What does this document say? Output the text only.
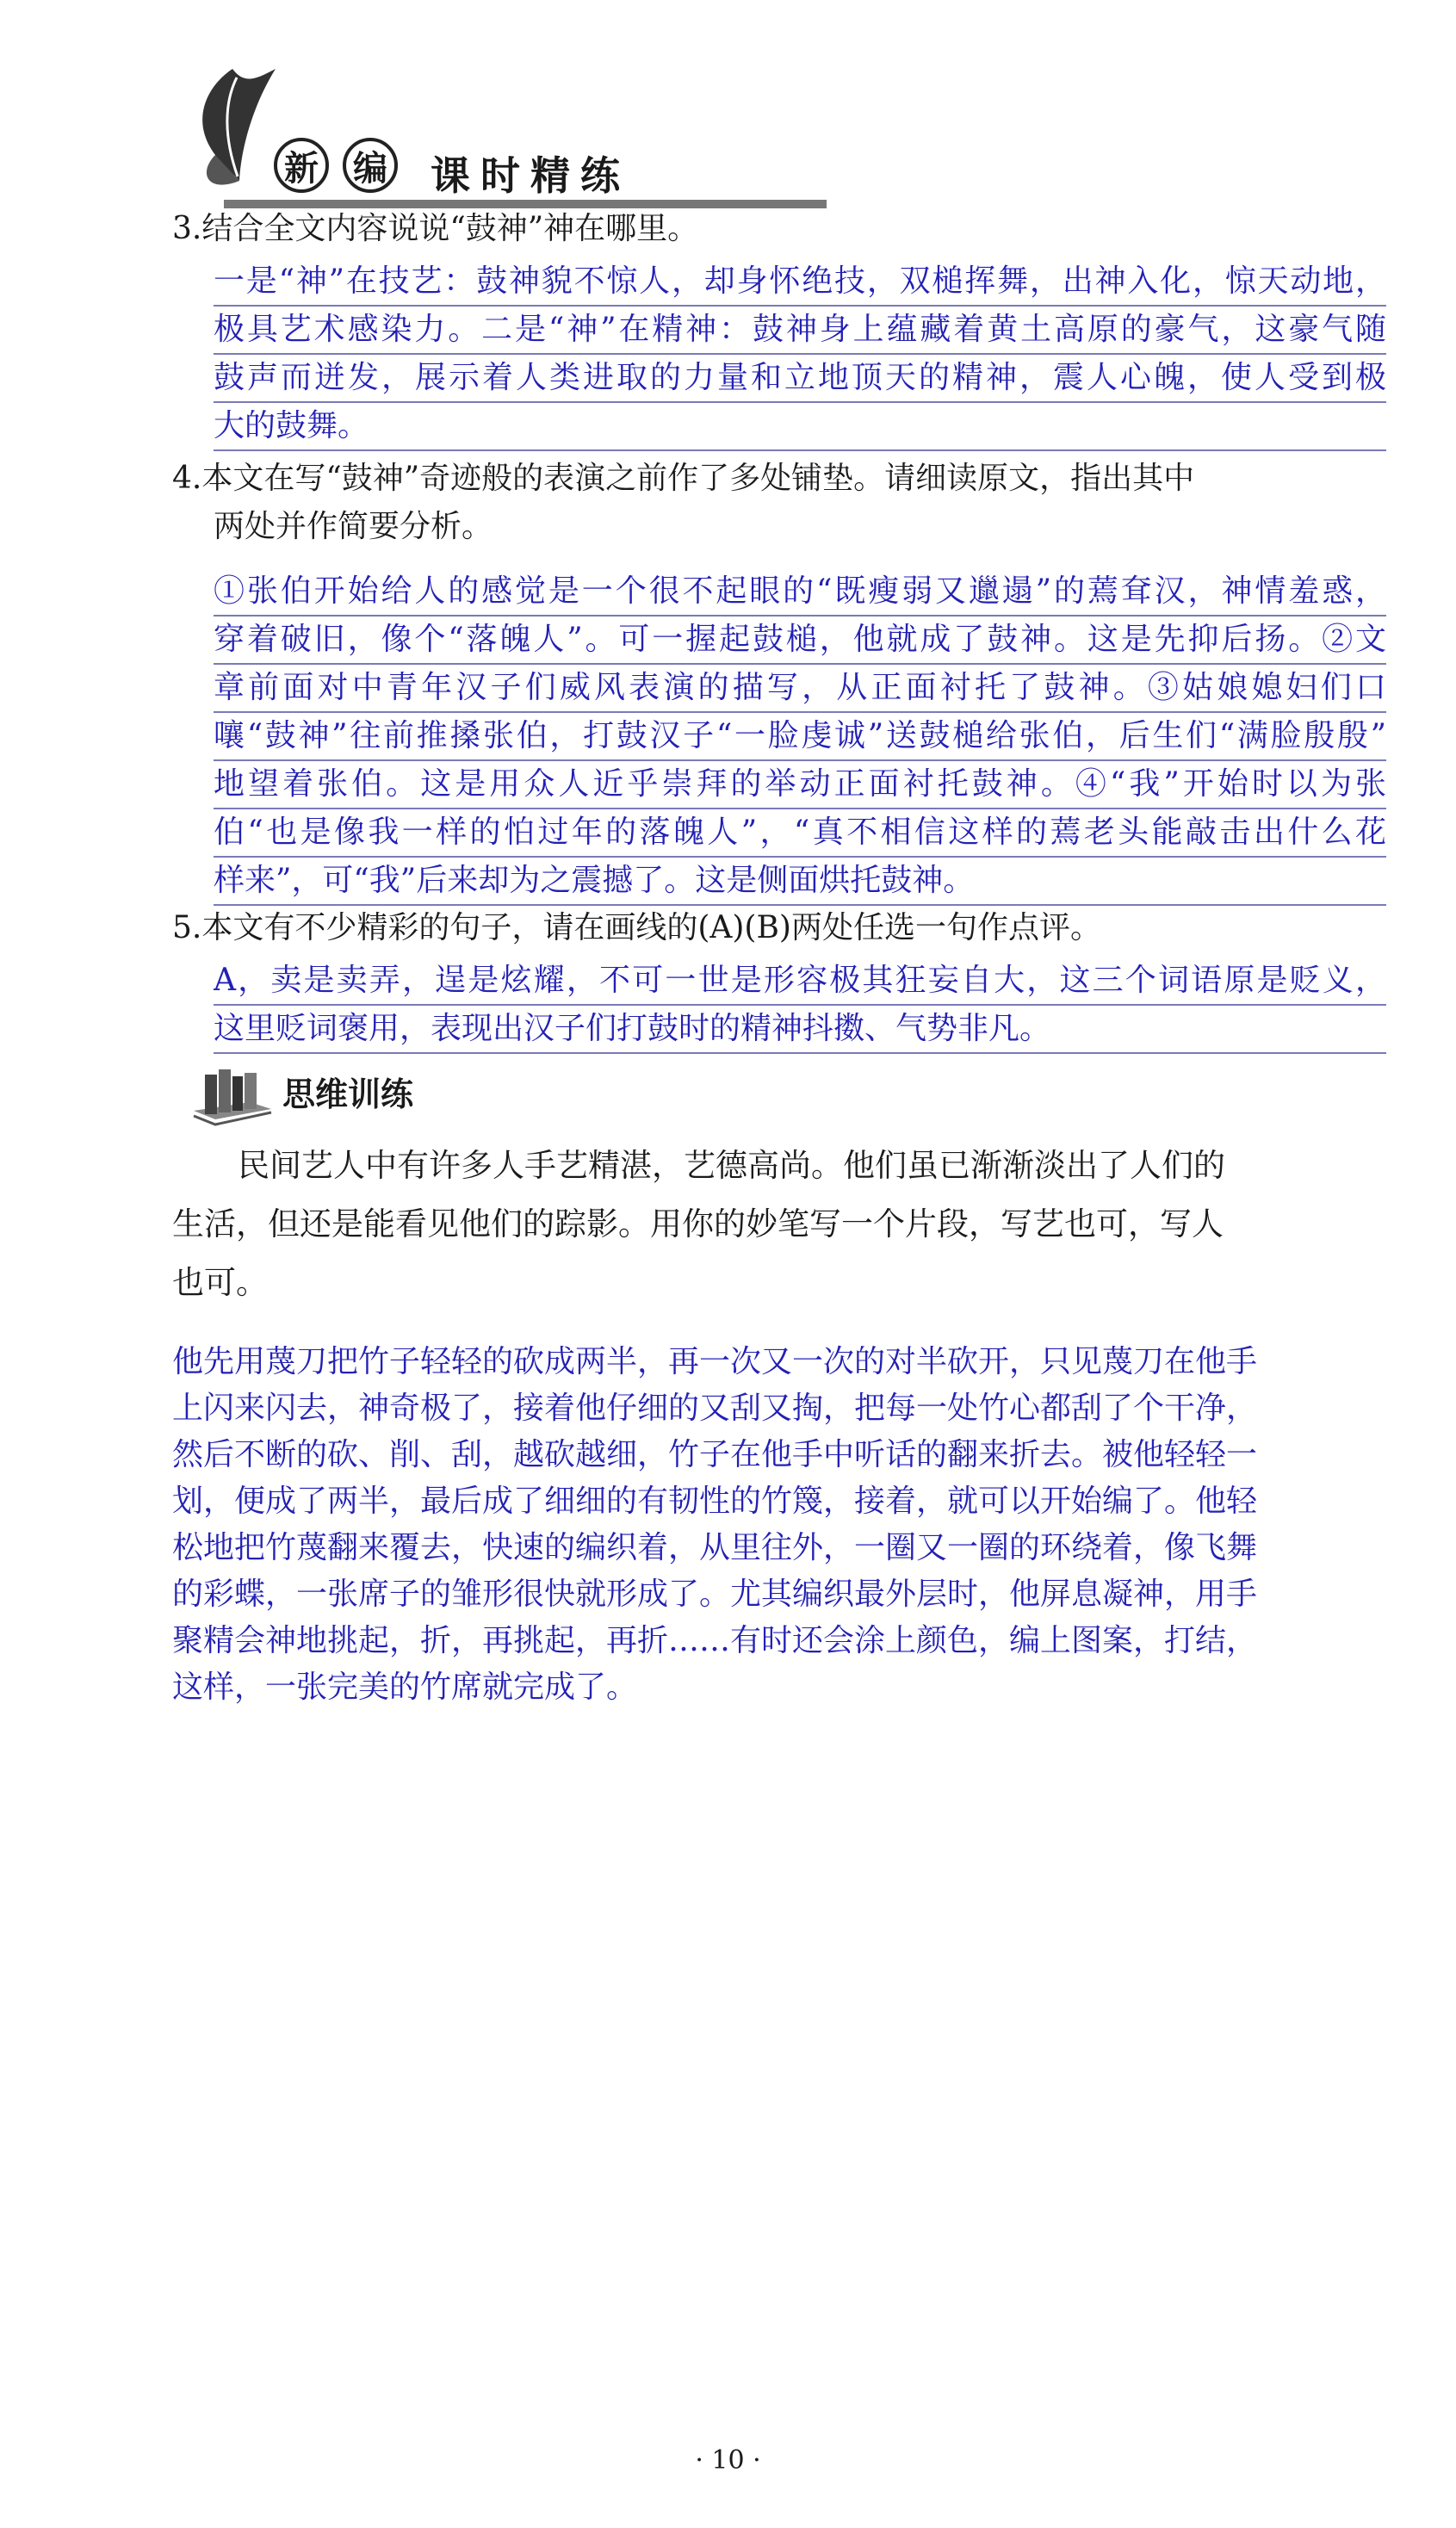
新	编 课时精练
3.结合全文内容说说“鼓神”神在哪里。
一是“神”在技艺：鼓神貌不惊人，却身怀绝技，双槌挥舞，出神入化，惊天动地，
极具艺术感染力。二是“神”在精神：鼓神身上蕴藏着黄土高原的豪气，这豪气随
鼓声而迸发，展示着人类进取的力量和立地顶天的精神，震人心魄，使人受到极
大的鼓舞。
4.本文在写“鼓神”奇迹般的表演之前作了多处铺垫。请细读原文，指出其中
两处并作简要分析。
①张伯开始给人的感觉是一个很不起眼的“既瘦弱又邋遢”的蔫耷汉，神情羞惑，
穿着破旧，像个“落魄人”。可一握起鼓槌，他就成了鼓神。这是先抑后扬。②文
章前面对中青年汉子们威风表演的描写，从正面衬托了鼓神。③姑娘媳妇们口
嚷“鼓神”往前推搡张伯，打鼓汉子“一脸虔诚”送鼓槌给张伯，后生们“满脸殷殷”
地望着张伯。这是用众人近乎崇拜的举动正面衬托鼓神。④“我”开始时以为张
伯“也是像我一样的怕过年的落魄人”，“真不相信这样的蔫老头能敲击出什么花
样来”，可“我”后来却为之震撼了。这是侧面烘托鼓神。
5.本文有不少精彩的句子，请在画线的(A)(B)两处任选一句作点评。
A，卖是卖弄，逞是炫耀，不可一世是形容极其狂妄自大，这三个词语原是贬义，
这里贬词褒用，表现出汉子们打鼓时的精神抖擞、气势非凡。
思维训练
民间艺人中有许多人手艺精湛，艺德高尚。他们虽已渐渐淡出了人们的
生活，但还是能看见他们的踪影。用你的妙笔写一个片段，写艺也可，写人
也可。
他先用蔑刀把竹子轻轻的砍成两半，再一次又一次的对半砍开，只见蔑刀在他手
上闪来闪去，神奇极了，接着他仔细的又刮又掏，把每一处竹心都刮了个干净，
然后不断的砍、削、刮，越砍越细，竹子在他手中听话的翻来折去。被他轻轻一
划，便成了两半，最后成了细细的有韧性的竹篾，接着，就可以开始编了。他轻
松地把竹蔑翻来覆去，快速的编织着，从里往外，一圈又一圈的环绕着，像飞舞
的彩蝶，一张席子的雏形很快就形成了。尤其编织最外层时，他屏息凝神，用手
聚精会神地挑起，折，再挑起，再折……有时还会涂上颜色，编上图案，打结，
这样，一张完美的竹席就完成了。
· 10 ·
